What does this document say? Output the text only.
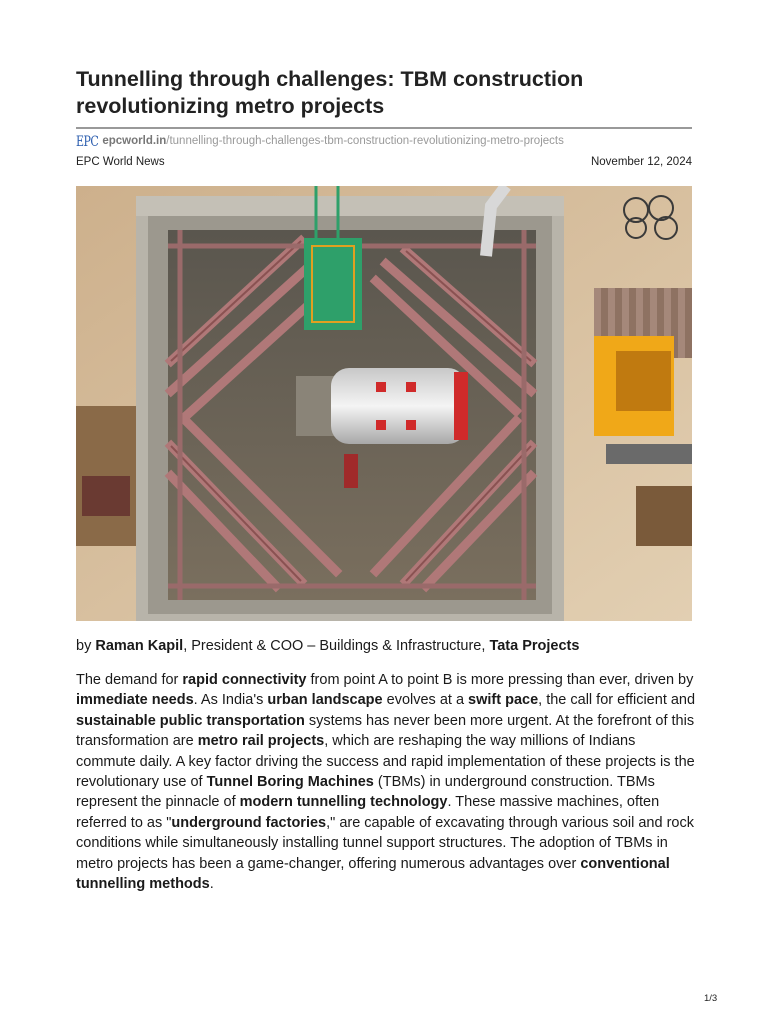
Tunnelling through challenges: TBM construction revolutionizing metro projects
EPC epcworld.in /tunnelling-through-challenges-tbm-construction-revolutionizing-metro-projects
EPC World News	November 12, 2024
by Raman Kapil, President & COO – Buildings & Infrastructure, Tata Projects
The demand for rapid connectivity from point A to point B is more pressing than ever, driven by immediate needs. As India's urban landscape evolves at a swift pace, the call for efficient and sustainable public transportation systems has never been more urgent. At the forefront of this transformation are metro rail projects, which are reshaping the way millions of Indians commute daily. A key factor driving the success and rapid implementation of these projects is the revolutionary use of Tunnel Boring Machines (TBMs) in underground construction. TBMs represent the pinnacle of modern tunnelling technology. These massive machines, often referred to as "underground factories," are capable of excavating through various soil and rock conditions while simultaneously installing tunnel support structures. The adoption of TBMs in metro projects has been a game-changer, offering numerous advantages over conventional tunnelling methods.
1/3
